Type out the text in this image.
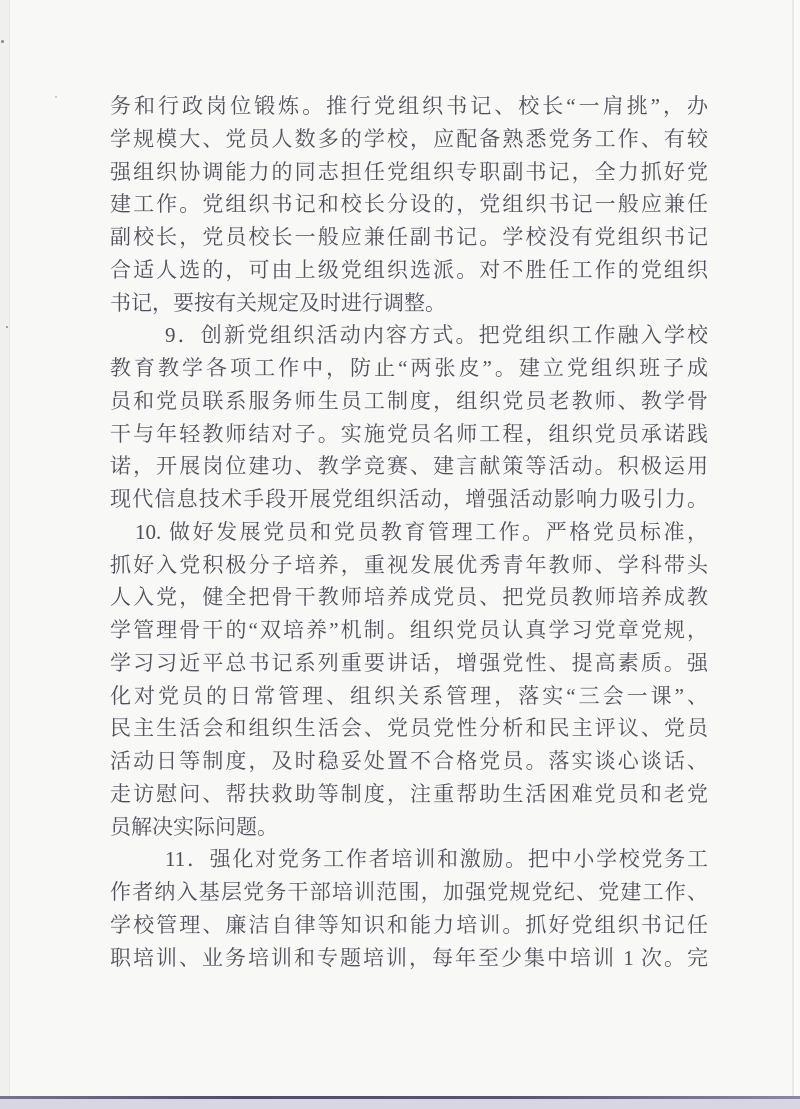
务和行政岗位锻炼。推行党组织书记、校长“一肩挑”，办
学规模大、党员人数多的学校，应配备熟悉党务工作、有较
强组织协调能力的同志担任党组织专职副书记，全力抓好党
建工作。党组织书记和校长分设的，党组织书记一般应兼任
副校长，党员校长一般应兼任副书记。学校没有党组织书记
合适人选的，可由上级党组织选派。对不胜任工作的党组织
书记，要按有关规定及时进行调整。
9．创新党组织活动内容方式。把党组织工作融入学校
教育教学各项工作中，防止“两张皮”。建立党组织班子成
员和党员联系服务师生员工制度，组织党员老教师、教学骨
干与年轻教师结对子。实施党员名师工程，组织党员承诺践
诺，开展岗位建功、教学竞赛、建言献策等活动。积极运用
现代信息技术手段开展党组织活动，增强活动影响力吸引力。
10. 做好发展党员和党员教育管理工作。严格党员标准，
抓好入党积极分子培养，重视发展优秀青年教师、学科带头
人入党，健全把骨干教师培养成党员、把党员教师培养成教
学管理骨干的“双培养”机制。组织党员认真学习党章党规，
学习习近平总书记系列重要讲话，增强党性、提高素质。强
化对党员的日常管理、组织关系管理，落实“三会一课”、
民主生活会和组织生活会、党员党性分析和民主评议、党员
活动日等制度，及时稳妥处置不合格党员。落实谈心谈话、
走访慰问、帮扶救助等制度，注重帮助生活困难党员和老党
员解决实际问题。
11．强化对党务工作者培训和激励。把中小学校党务工
作者纳入基层党务干部培训范围，加强党规党纪、党建工作、
学校管理、廉洁自律等知识和能力培训。抓好党组织书记任
职培训、业务培训和专题培训，每年至少集中培训 1 次。完
